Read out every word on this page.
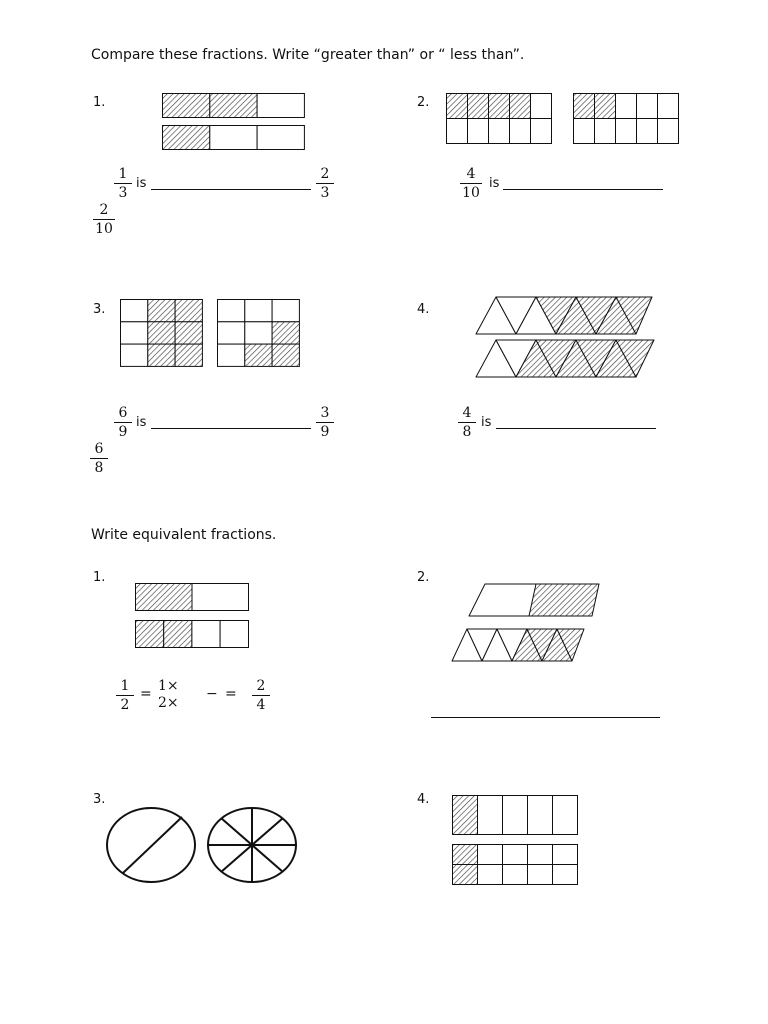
Compare these fractions. Write “greater than” or “ less than”.
1.
1
3
is
2
3
2
10
2.
4
10
is
3.
6
9
is
3
9
6
8
4.
4
8
is
Write equivalent fractions.
1.
1
2
= 1×
2×
− =	2
4
2.
3.	4.
